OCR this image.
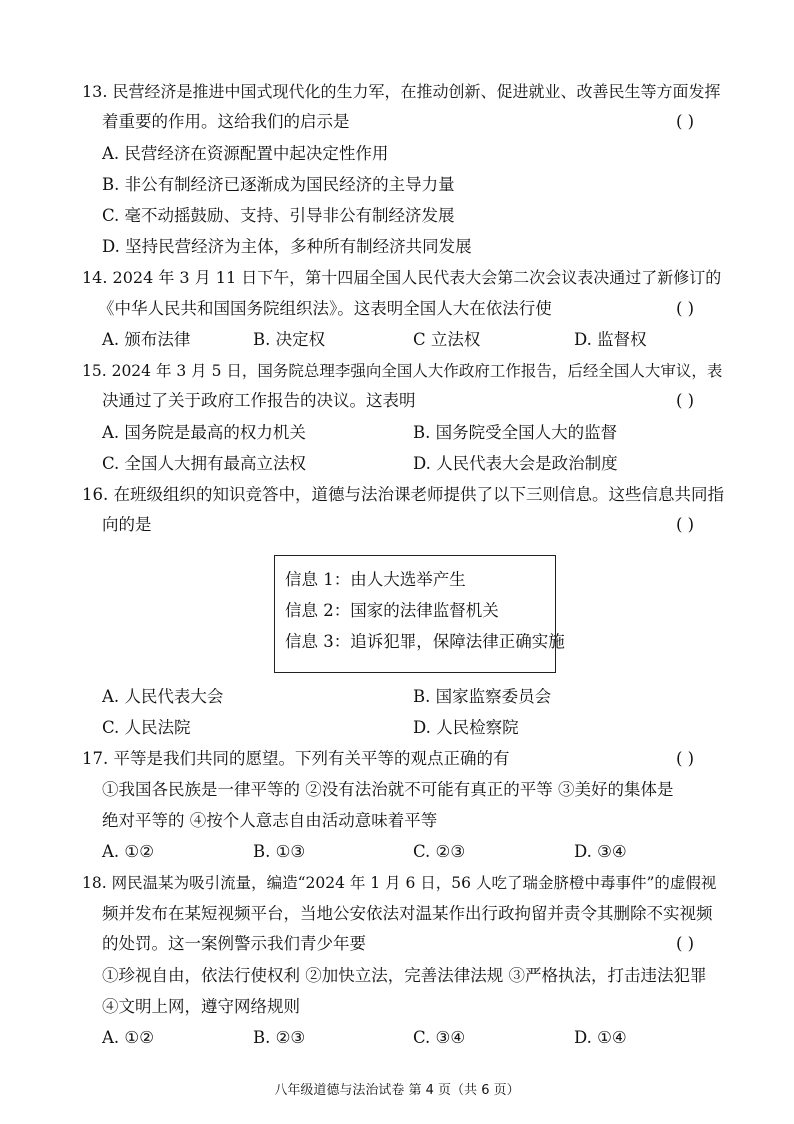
13. 民营经济是推进中国式现代化的生力军，在推动创新、促进就业、改善民生等方面发挥
着重要的作用。这给我们的启示是	( )
A. 民营经济在资源配置中起决定性作用
B. 非公有制经济已逐渐成为国民经济的主导力量
C. 毫不动摇鼓励、支持、引导非公有制经济发展
D. 坚持民营经济为主体，多种所有制经济共同发展
14. 2024 年 3 月 11 日下午，第十四届全国人民代表大会第二次会议表决通过了新修订的
《中华人民共和国国务院组织法》。这表明全国人大在依法行使	( )
A. 颁布法律	B. 决定权	C 立法权	D. 监督权
15. 2024 年 3 月 5 日，国务院总理李强向全国人大作政府工作报告，后经全国人大审议，表
决通过了关于政府工作报告的决议。这表明	( )
A. 国务院是最高的权力机关	B. 国务院受全国人大的监督
C. 全国人大拥有最高立法权	D. 人民代表大会是政治制度
16. 在班级组织的知识竞答中，道德与法治课老师提供了以下三则信息。这些信息共同指
向的是	( )
信息 1：由人大选举产生
信息 2：国家的法律监督机关
信息 3：追诉犯罪，保障法律正确实施
A. 人民代表大会	B. 国家监察委员会
C. 人民法院	D. 人民检察院
17. 平等是我们共同的愿望。下列有关平等的观点正确的有	( )
①我国各民族是一律平等的 ②没有法治就不可能有真正的平等 ③美好的集体是
绝对平等的 ④按个人意志自由活动意味着平等
A. ①②	B. ①③	C. ②③	D. ③④
18. 网民温某为吸引流量，编造“2024 年 1 月 6 日，56 人吃了瑞金脐橙中毒事件”的虚假视
频并发布在某短视频平台，当地公安依法对温某作出行政拘留并责令其删除不实视频
的处罚。这一案例警示我们青少年要	( )
①珍视自由，依法行使权利 ②加快立法，完善法律法规 ③严格执法，打击违法犯罪
④文明上网，遵守网络规则
A. ①②	B. ②③	C. ③④	D. ①④
八年级道德与法治试卷 第 4 页（共 6 页）
